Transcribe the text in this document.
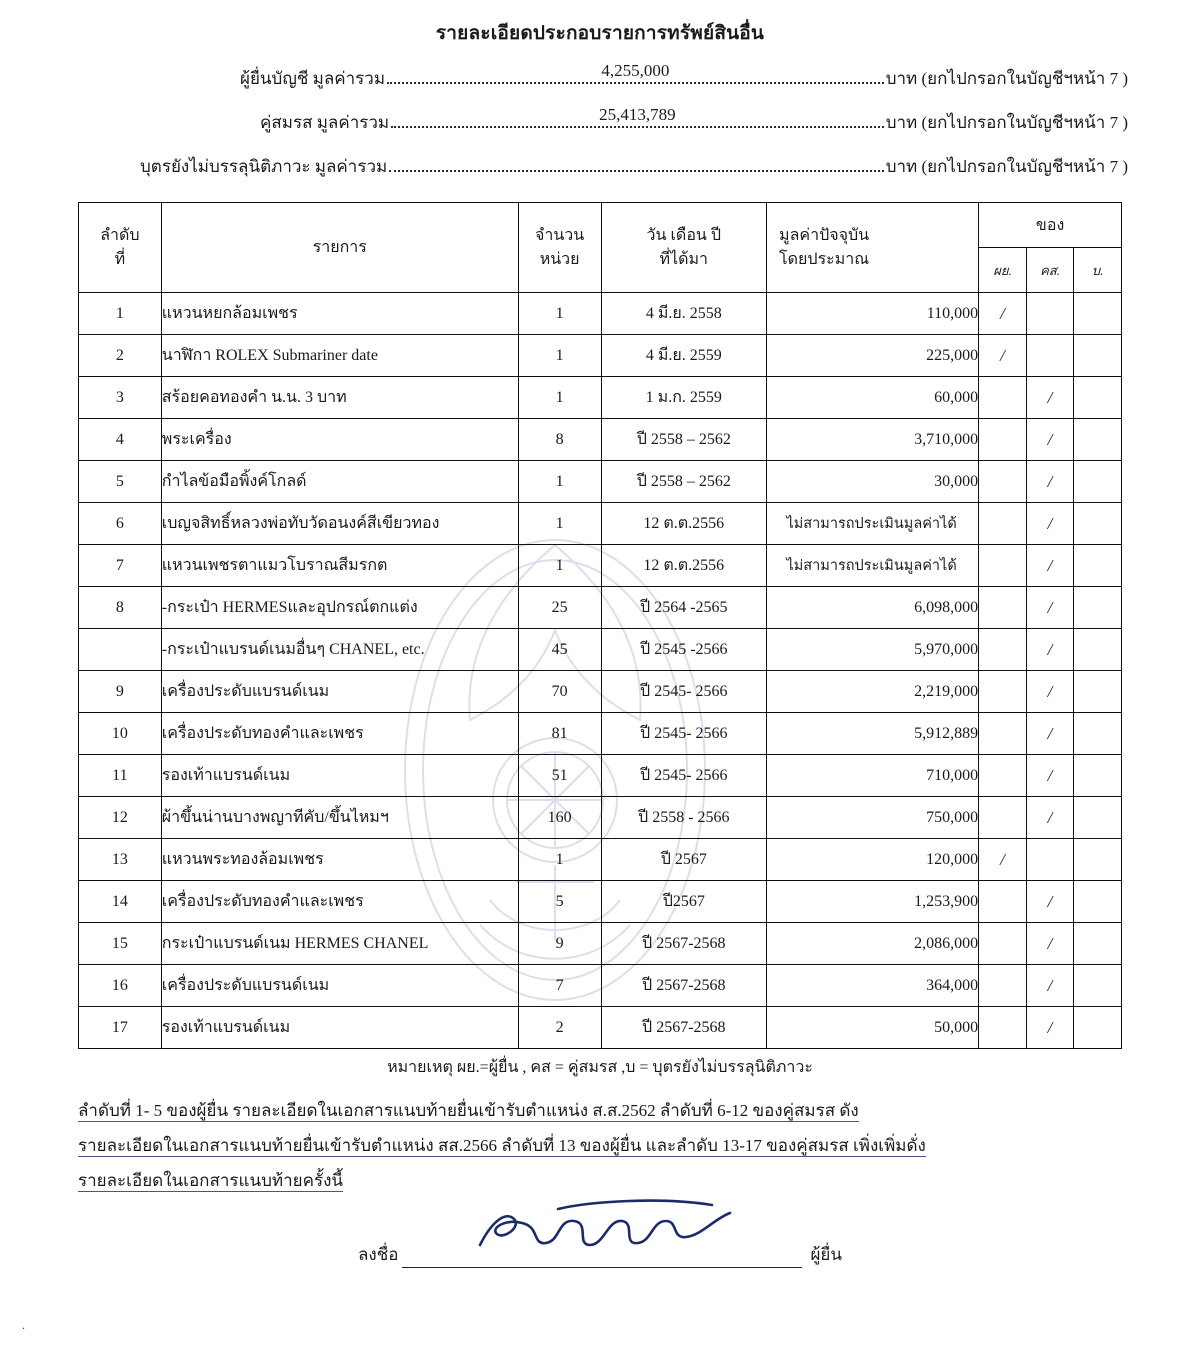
รายละเอียดประกอบรายการทรัพย์สินอื่น
ผู้ยื่นบัญชี มูลค่ารวม	4,255,000	บาท (ยกไปกรอกในบัญชีฯหน้า 7 )
คู่สมรส มูลค่ารวม	25,413,789	บาท (ยกไปกรอกในบัญชีฯหน้า 7 )
บุตรยังไม่บรรลุนิติภาวะ มูลค่ารวม	บาท (ยกไปกรอกในบัญชีฯหน้า 7 )
ลำดับ
ที่
	รายการ	
จำนวน
หน่วย

วัน เดือน ปี
ที่ได้มา

มูลค่าปัจจุบัน
โดยประมาณ
	ของ
					ผย.	คส.	บ.
1	แหวนหยกล้อมเพชร	1	4 มี.ย. 2558	110,000	/		
2	นาฬิกา ROLEX Submariner date	1	4 มี.ย. 2559	225,000	/		
3	สร้อยคอทองคำ น.น. 3 บาท	1	1 ม.ก. 2559	60,000		/	
4	พระเครื่อง	8	ปี 2558 – 2562	3,710,000		/	
5	กำไลข้อมือพิ้งค์โกลด์	1	ปี 2558 – 2562	30,000		/	
6	เบญจสิทธิ์หลวงพ่อทับวัดอนงค์สีเขียวทอง	1	12 ต.ต.2556	ไม่สามารถประเมินมูลค่าได้		/	
7	แหวนเพชรตาแมวโบราณสีมรกต	1	12 ต.ต.2556	ไม่สามารถประเมินมูลค่าได้		/	
8	-กระเป๋า HERMESและอุปกรณ์ตกแต่ง	25	ปี 2564 -2565	6,098,000		/	
	-กระเป๋าแบรนด์เนมอื่นๆ CHANEL, etc.	45	ปี 2545 -2566	5,970,000		/	
9	เครื่องประดับแบรนด์เนม	70	ปี 2545- 2566	2,219,000		/	
10	เครื่องประดับทองคำและเพชร	81	ปี 2545- 2566	5,912,889		/	
11	รองเท้าแบรนด์เนม	51	ปี 2545- 2566	710,000		/	
12	ผ้าขึ้นน่านบางพญาทีคับ/ขึ้นไหมฯ	160	ปี 2558 - 2566	750,000		/	
13	แหวนพระทองล้อมเพชร	1	ปี 2567	120,000	/		
14	เครื่องประดับทองคำและเพชร	5	ปี2567	1,253,900		/	
15	กระเป๋าแบรนด์เนม HERMES CHANEL	9	ปี 2567-2568	2,086,000		/	
16	เครื่องประดับแบรนด์เนม	7	ปี 2567-2568	364,000		/	
17	รองเท้าแบรนด์เนม	2	ปี 2567-2568	50,000		/	
หมายเหตุ ผย.=ผู้ยื่น , คส = คู่สมรส ,บ = บุตรยังไม่บรรลุนิติภาวะ
ลำดับที่ 1- 5 ของผู้ยื่น รายละเอียดในเอกสารแนบท้ายยื่นเข้ารับตำแหน่ง ส.ส.2562 ลำดับที่ 6-12 ของคู่สมรส ดัง
รายละเอียดในเอกสารแนบท้ายยื่นเข้ารับตำแหน่ง สส.2566 ลำดับที่ 13 ของผู้ยื่น และลำดับ 13-17 ของคู่สมรส เพิ่งเพิ่มดั่ง
รายละเอียดในเอกสารแนบท้ายครั้งนี้
ลงชื่อ	ผู้ยื่น
.
